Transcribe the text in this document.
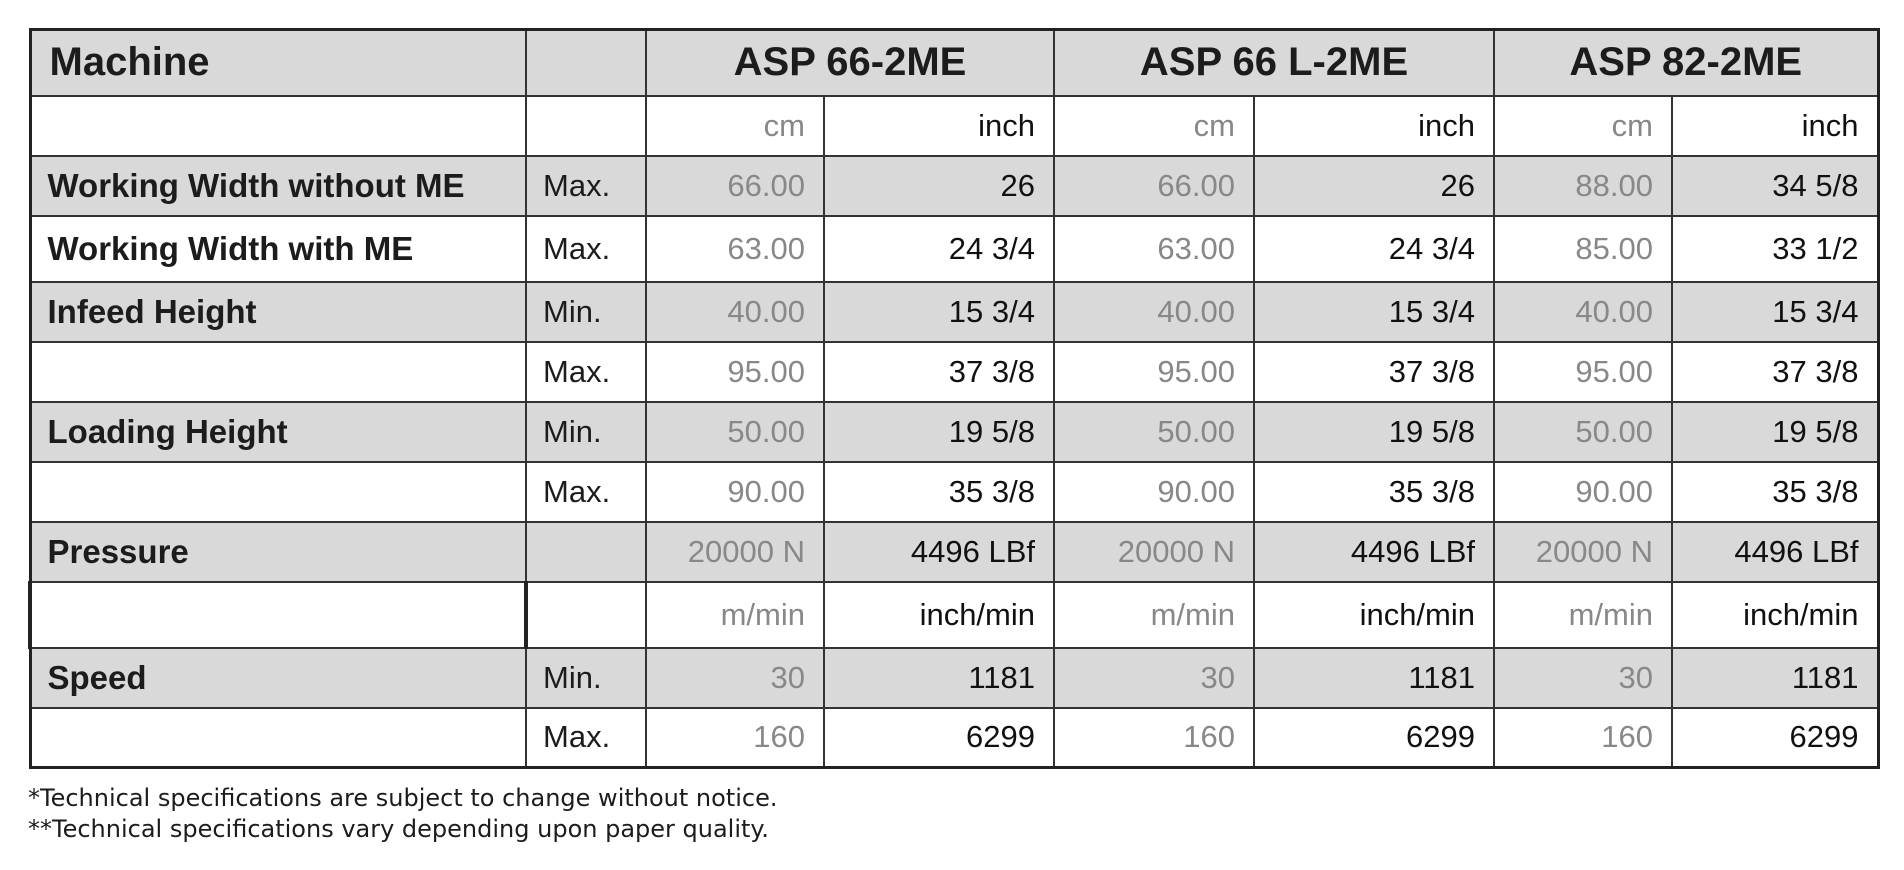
Machine		ASP 66-2ME		ASP 66 L-2ME		ASP 82-2ME	
		cm	inch	cm	inch	cm	inch
Working Width without ME	Max.	66.00	26	66.00	26	88.00	34 5/8
Working Width with ME	Max.	63.00	24 3/4	63.00	24 3/4	85.00	33 1/2
Infeed Height	Min.	40.00	15 3/4	40.00	15 3/4	40.00	15 3/4
	Max.	95.00	37 3/8	95.00	37 3/8	95.00	37 3/8
Loading Height	Min.	50.00	19 5/8	50.00	19 5/8	50.00	19 5/8
	Max.	90.00	35 3/8	90.00	35 3/8	90.00	35 3/8
Pressure		20000 N	4496 LBf	20000 N	4496 LBf	20000 N	4496 LBf
		m/min	inch/min	m/min	inch/min	m/min	inch/min
Speed	Min.	30	1181	30	1181	30	1181
	Max.	160	6299	160	6299	160	6299
*Technical specifications are subject to change without notice.
**Technical specifications vary depending upon paper quality.
